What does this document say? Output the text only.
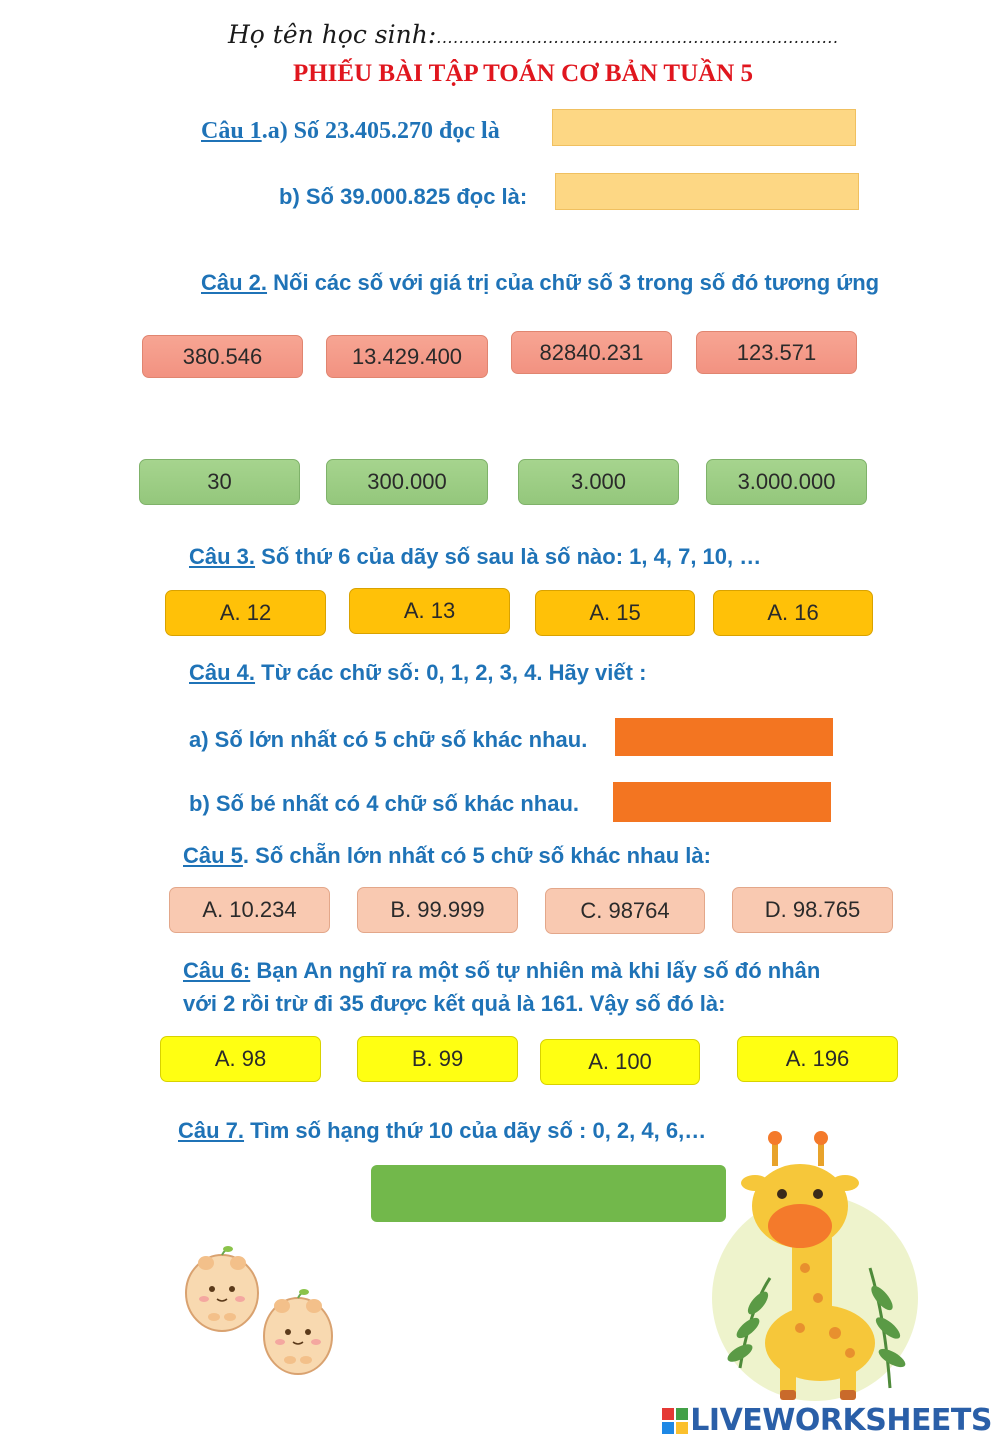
Họ tên học sinh:........................................................................
PHIẾU BÀI TẬP TOÁN CƠ BẢN TUẦN 5
Câu 1.a) Số 23.405.270 đọc là
b) Số 39.000.825 đọc là:
Câu 2. Nối các số với giá trị của chữ số 3 trong số đó tương ứng
380.546	13.429.400	82840.231	123.571
30	300.000	3.000	3.000.000
Câu 3. Số thứ 6 của dãy số sau là số nào: 1, 4, 7, 10, …
A. 12	A. 13	A. 15	A. 16
Câu 4. Từ các chữ số: 0, 1, 2, 3, 4. Hãy viết :
a) Số lớn nhất có 5 chữ số khác nhau.
b) Số bé nhất có 4 chữ số khác nhau.
Câu 5. Số chẵn lớn nhất có 5 chữ số khác nhau là:
A. 10.234	B. 99.999	C. 98764	D. 98.765
Câu 6: Bạn An nghĩ ra một số tự nhiên mà khi lấy số đó nhân
với 2 rồi trừ đi 35 được kết quả là 161. Vậy số đó là:
A. 98	B. 99	A. 100	A. 196
Câu 7. Tìm số hạng thứ 10 của dãy số : 0, 2, 4, 6,…
LIVEWORKSHEETS
